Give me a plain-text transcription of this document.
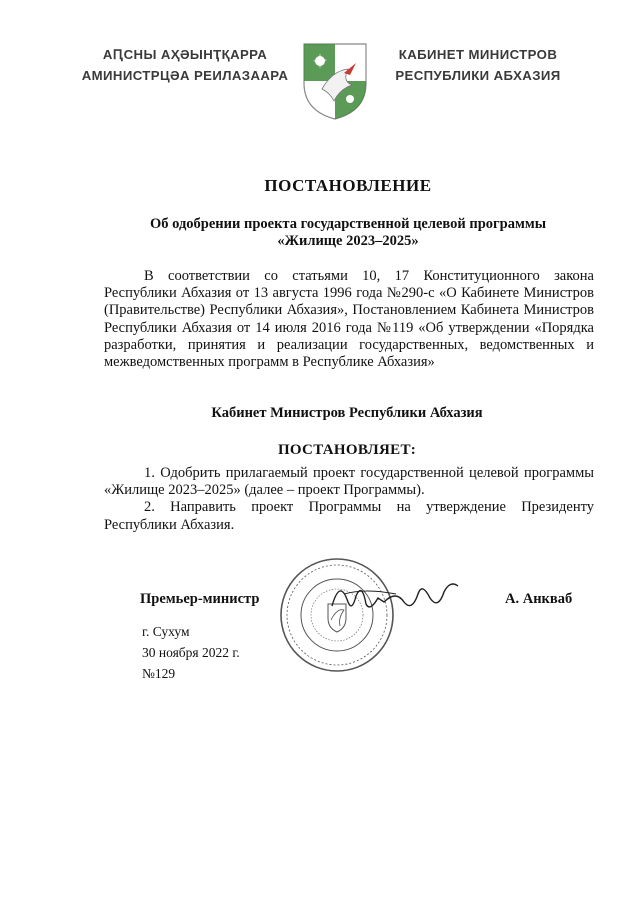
АԤСНЫ АҲӘЫНҬҚАРРА
АМИНИСТРЦӘА РЕИЛАЗААРА
КАБИНЕТ МИНИСТРОВ
РЕСПУБЛИКИ АБХАЗИЯ
ПОСТАНОВЛЕНИЕ
Об одобрении проекта государственной целевой программы
«Жилище 2023–2025»

В соответствии со статьями 10, 17 Конституционного закона Республики Абхазия от 13 августа 1996 года №290-с «О Кабинете Министров (Правительстве) Республики Абхазия», Постановлением Кабинета Министров Республики Абхазия от 14 июля 2016 года №119 «Об утверждении «Порядка разработки, принятия и реализации государственных, ведомственных и межведомственных программ в Республике Абхазия»

Кабинет Министров Республики Абхазия
ПОСТАНОВЛЯЕТ:

1. Одобрить прилагаемый проект государственной целевой программы «Жилище 2023–2025» (далее – проект Программы).

2. Направить проект Программы на утверждение Президенту Республики Абхазия.

Премьер-министр	А. Анкваб
г. Сухум
30 ноября 2022 г.
№129
